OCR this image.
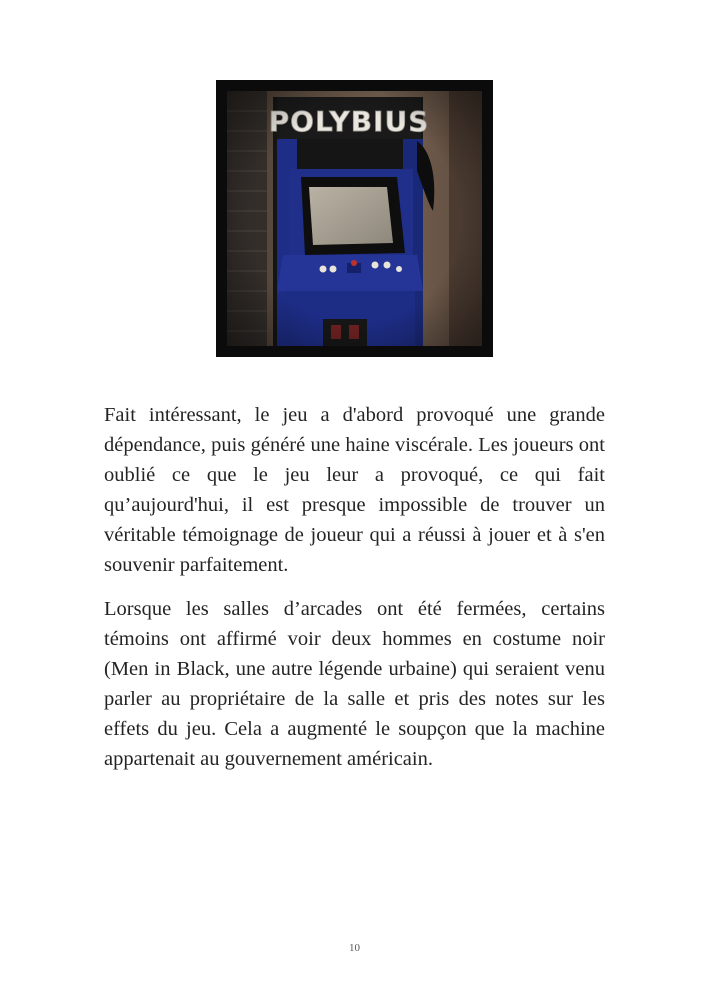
Fait intéressant, le jeu a d'abord provoqué une grande dépendance, puis généré une haine viscérale. Les joueurs ont oublié ce que le jeu leur a provoqué, ce qui fait qu’aujourd'hui, il est presque impossible de trouver un véritable témoignage de joueur qui a réussi à jouer et à s'en souvenir parfaitement.

Lorsque les salles d’arcades ont été fermées, certains témoins ont affirmé voir deux hommes en costume noir (Men in Black, une autre légende urbaine) qui seraient venu parler au propriétaire de la salle et pris des notes sur les effets du jeu. Cela a augmenté le soupçon que la machine appartenait au gouvernement américain.

10
